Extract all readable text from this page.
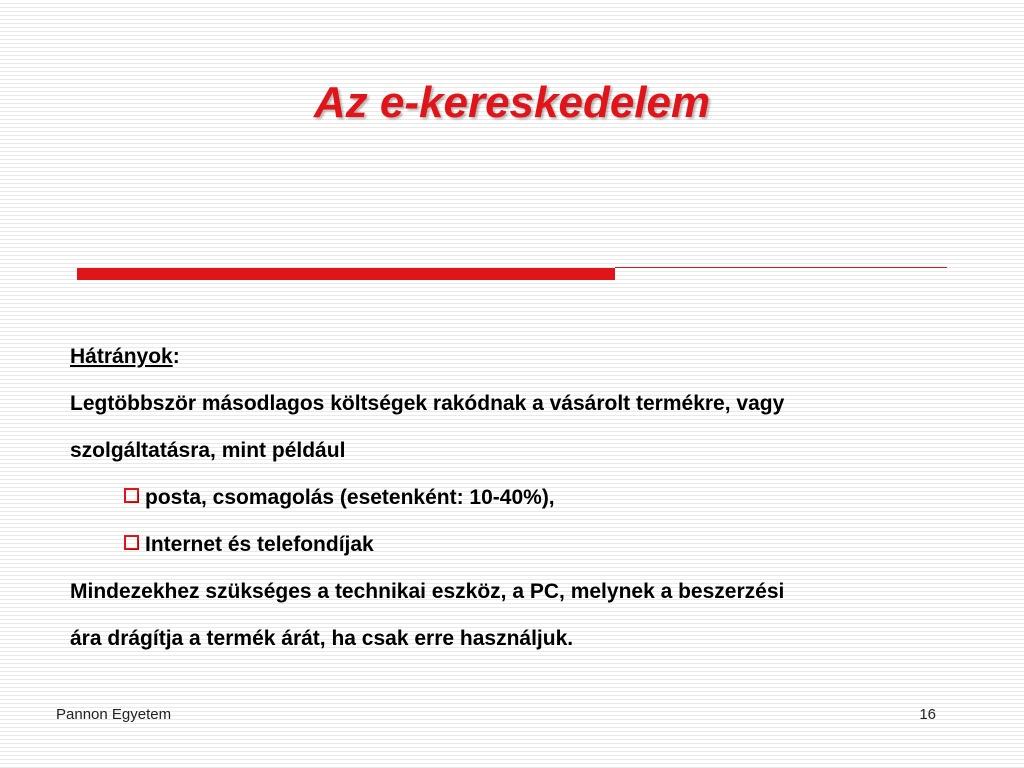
Az e-kereskedelem
Hátrányok:
Legtöbbször másodlagos költségek rakódnak a vásárolt termékre, vagy
szolgáltatásra, mint például
posta, csomagolás (esetenként: 10-40%),
Internet és telefondíjak
Mindezekhez szükséges a technikai eszköz, a PC, melynek a beszerzési
ára drágítja a termék árát, ha csak erre használjuk.
Pannon Egyetem	16
